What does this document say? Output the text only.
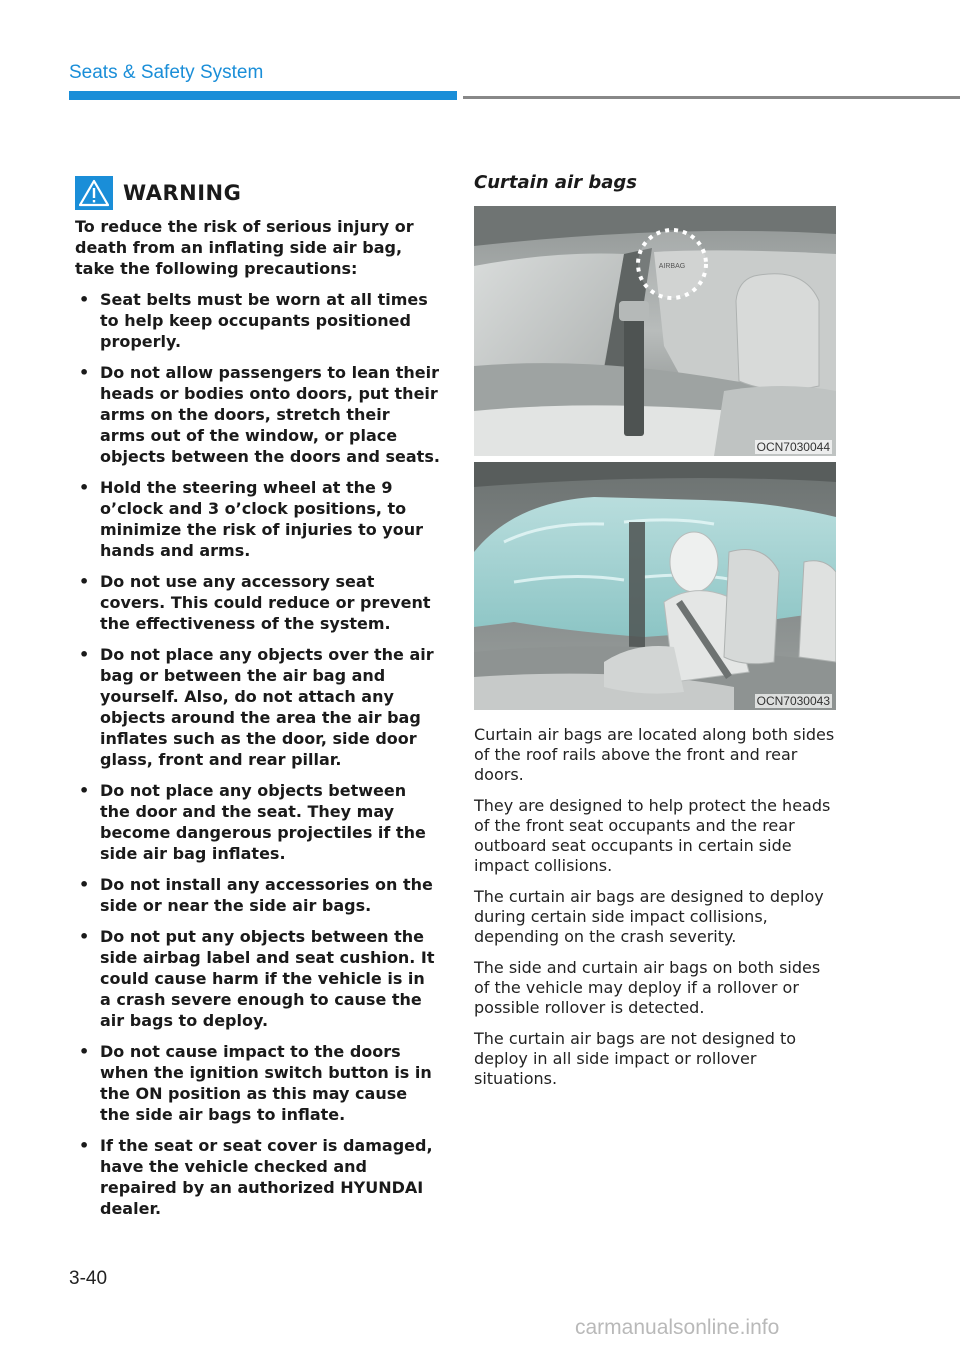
Seats & Safety System
WARNING
To reduce the risk of serious injury or death from an inflating side air bag, take the following precautions:
• Seat belts must be worn at all times to help keep occupants positioned properly.
• Do not allow passengers to lean their heads or bodies onto doors, put their arms on the doors, stretch their arms out of the window, or place objects between the doors and seats.
• Hold the steering wheel at the 9 o’clock and 3 o’clock positions, to minimize the risk of injuries to your hands and arms.
• Do not use any accessory seat covers. This could reduce or prevent the effectiveness of the system.
• Do not place any objects over the air bag or between the air bag and yourself. Also, do not attach any objects around the area the air bag inflates such as the door, side door glass, front and rear pillar.
• Do not place any objects between the door and the seat. They may become dangerous projectiles if the side air bag inflates.
• Do not install any accessories on the side or near the side air bags.
• Do not put any objects between the side airbag label and seat cushion. It could cause harm if the vehicle is in a crash severe enough to cause the air bags to deploy.
• Do not cause impact to the doors when the ignition switch button is in the ON position as this may cause the side air bags to inflate.
• If the seat or seat cover is damaged, have the vehicle checked and repaired by an authorized HYUNDAI dealer.
Curtain air bags
AIRBAG
OCN7030044
OCN7030043

Curtain air bags are located along both sides of the roof rails above the front and rear doors.

They are designed to help protect the heads of the front seat occupants and the rear outboard seat occupants in certain side impact collisions.

The curtain air bags are designed to deploy during certain side impact collisions, depending on the crash severity.

The side and curtain air bags on both sides of the vehicle may deploy if a rollover or possible rollover is detected.

The curtain air bags are not designed to deploy in all side impact or rollover situations.

3-40
carmanualsonline.info
